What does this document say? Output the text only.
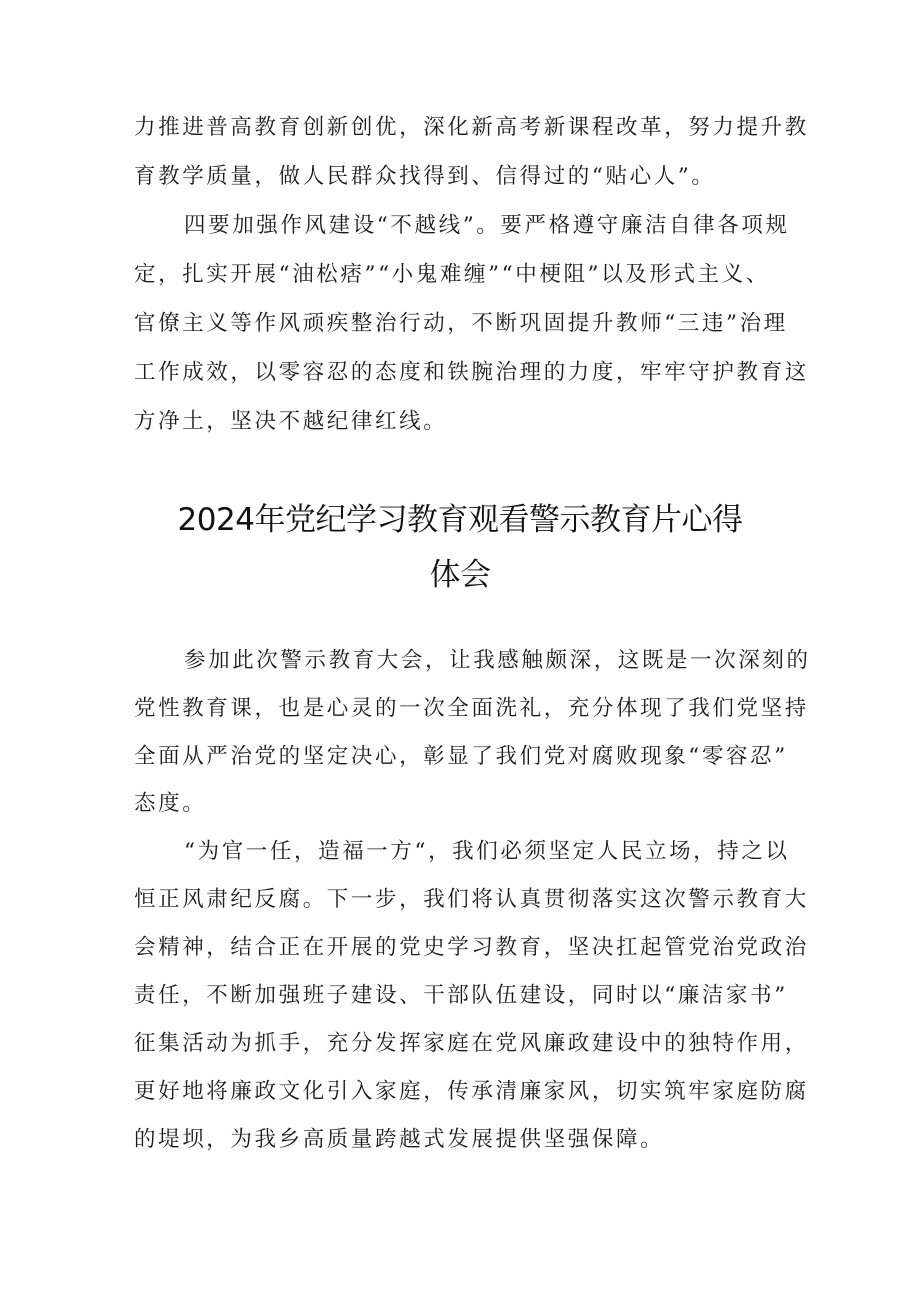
力推进普高教育创新创优，深化新高考新课程改革，努力提升教
育教学质量，做人民群众找得到、信得过的“贴心人”。
四要加强作风建设“不越线”。要严格遵守廉洁自律各项规
定，扎实开展“油松痞”“小鬼难缠”“中梗阻”以及形式主义、
官僚主义等作风顽疾整治行动，不断巩固提升教师“三违”治理
工作成效，以零容忍的态度和铁腕治理的力度，牢牢守护教育这
方净土，坚决不越纪律红线。
2024年党纪学习教育观看警示教育片心得
体会
参加此次警示教育大会，让我感触颇深，这既是一次深刻的
党性教育课，也是心灵的一次全面洗礼，充分体现了我们党坚持
全面从严治党的坚定决心，彰显了我们党对腐败现象“零容忍”
态度。
“为官一任，造福一方“，我们必须坚定人民立场，持之以
恒正风肃纪反腐。下一步，我们将认真贯彻落实这次警示教育大
会精神，结合正在开展的党史学习教育，坚决扛起管党治党政治
责任，不断加强班子建设、干部队伍建设，同时以“廉洁家书”
征集活动为抓手，充分发挥家庭在党风廉政建设中的独特作用，
更好地将廉政文化引入家庭，传承清廉家风，切实筑牢家庭防腐
的堤坝，为我乡高质量跨越式发展提供坚强保障。
